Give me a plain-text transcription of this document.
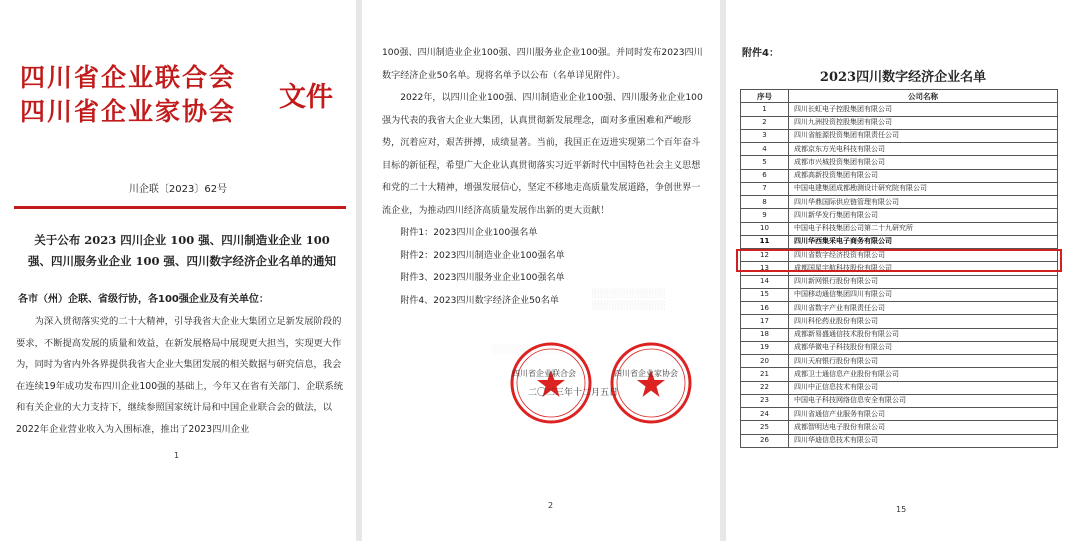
四川省企业联合会
四川省企业家协会 文件
川企联〔2023〕62号
关于公布 2023 四川企业 100 强、四川制造业企业 100 强、四川服务业企业 100 强、四川数字经济企业名单的通知
各市（州）企联、省级行协，各100强企业及有关单位：
为深入贯彻落实党的二十大精神，引导我省大企业大集团立足新发展阶段的要求，不断提高发展的质量和效益，在新发展格局中展现更大担当，实现更大作为，同时为省内外各界提供我省大企业大集团发展的相关数据与研究信息，我会在连续19年成功发布四川企业100强的基础上，今年又在省有关部门、企联系统和有关企业的大力支持下，继续参照国家统计局和中国企业联合会的做法，以2022年企业营业收入为入围标准，推出了2023四川企业
1

100强、四川制造业企业100强、四川服务业企业100强。并同时发布2023四川数字经济企业50名单。现将名单予以公布（名单详见附件）。

2022年，以四川企业100强、四川制造业企业100强、四川服务业企业100强为代表的我省大企业大集团，认真贯彻新发展理念，面对多重困难和严峻形势，沉着应对，艰苦拼搏，成绩显著。当前，我国正在迈进实现第二个百年奋斗目标的新征程，希望广大企业认真贯彻落实习近平新时代中国特色社会主义思想和党的二十大精神，增强发展信心，坚定不移地走高质量发展道路，争创世界一流企业，为推动四川经济高质量发展作出新的更大贡献！

附件1：2023四川企业100强名单

附件2：2023四川制造业企业100强名单

附件3、2023四川服务业企业100强名单

附件4、2023四川数字经济企业50名单

░░░░░░░░░░░░
░░░░░░░░░░░░
░░░░░░░░░░░░░░
四川省企业联合会	四川省企业家协会
二〇二三年十二月五日
2
附件4：
2023四川数字经济企业名单
序号	公司名称
1	四川长虹电子控股集团有限公司
2	四川九洲投资控股集团有限公司
3	四川省能源投资集团有限责任公司
4	成都京东方光电科技有限公司
5	成都市兴城投资集团有限公司
6	成都高新投资集团有限公司
7	中国电建集团成都勘测设计研究院有限公司
8	四川华鼎国际供应链管理有限公司
9	四川新华发行集团有限公司
10	中国电子科技集团公司第二十九研究所
11	四川华西集采电子商务有限公司
12	四川省数字经济投资有限公司
13	成都国星宇航科技股份有限公司
14	四川新网银行股份有限公司
15	中国移动通信集团四川有限公司
16	四川省数字产业有限责任公司
17	四川科伦药业股份有限公司
18	成都新易盛通信技术股份有限公司
19	成都华微电子科技股份有限公司
20	四川天府银行股份有限公司
21	成都卫士通信息产业股份有限公司
22	四川中正信息技术有限公司
23	中国电子科技网络信息安全有限公司
24	四川省通信产业服务有限公司
25	成都智明达电子股份有限公司
26	四川华迪信息技术有限公司
15
